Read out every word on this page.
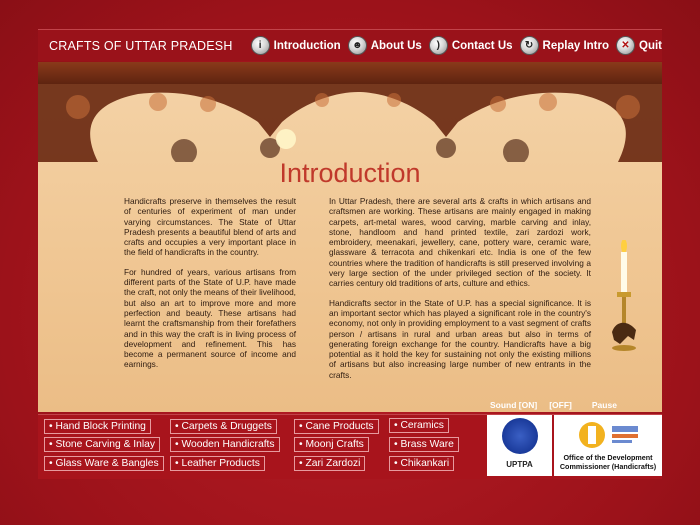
CRAFTS OF UTTAR PRADESH	i	Introduction	☻ About Us	)	Contact Us	↻ Replay Intro	✕ Quit
Introduction

Handicrafts preserve in themselves the result of centuries of experiment of man under varying circumstances. The State of Uttar Pradesh presents a beautiful blend of arts and crafts and occupies a very important place in the field of handicrafts in the country.

For hundred of years, various artisans from different parts of the State of U.P. have made the craft, not only the means of their livelihood, but also an art to improve more and more perfection and beauty. These artisans had learnt the craftsmanship from their forefathers and in this way the craft is in living process of development and refinement. This has become a permanent source of income and earnings.

In Uttar Pradesh, there are several arts & crafts in which artisans and craftsmen are working. These artisans are mainly engaged in making carpets, art-metal wares, wood carving, marble carving and inlay, stone, handloom and hand printed textile, zari zardozi work, embroidery, meenakari, jewellery, cane, pottery ware, ceramic ware, glassware & terracota and chikenkari etc. India is one of the few countries where the tradition of handicrafts is still preserved involving a very large section of the under privileged section of the society. It carries century old traditions of arts, culture and ethics.

Handicrafts sector in the State of U.P. has a special significance. It is an important sector which has played a significant role in the country's economy, not only in providing employment to a vast segment of crafts person / artisans in rural and urban areas but also in terms of generating foreign exchange for the country. Handicrafts have a big potential as it hold the key for sustaining not only the existing millions of artisans but also increasing large number of new entrants in the crafts.

Sound [ON] [OFF] Pause
• Hand Block Printing	• Carpets & Druggets	• Cane Products	• Ceramics
• Stone Carving & Inlay	• Wooden Handicrafts	• Moonj Crafts	• Brass Ware
• Glass Ware & Bangles	• Leather Products	• Zari Zardozi	• Chikankari	UPTPA
Office of the Development
Commissioner (Handicrafts)
